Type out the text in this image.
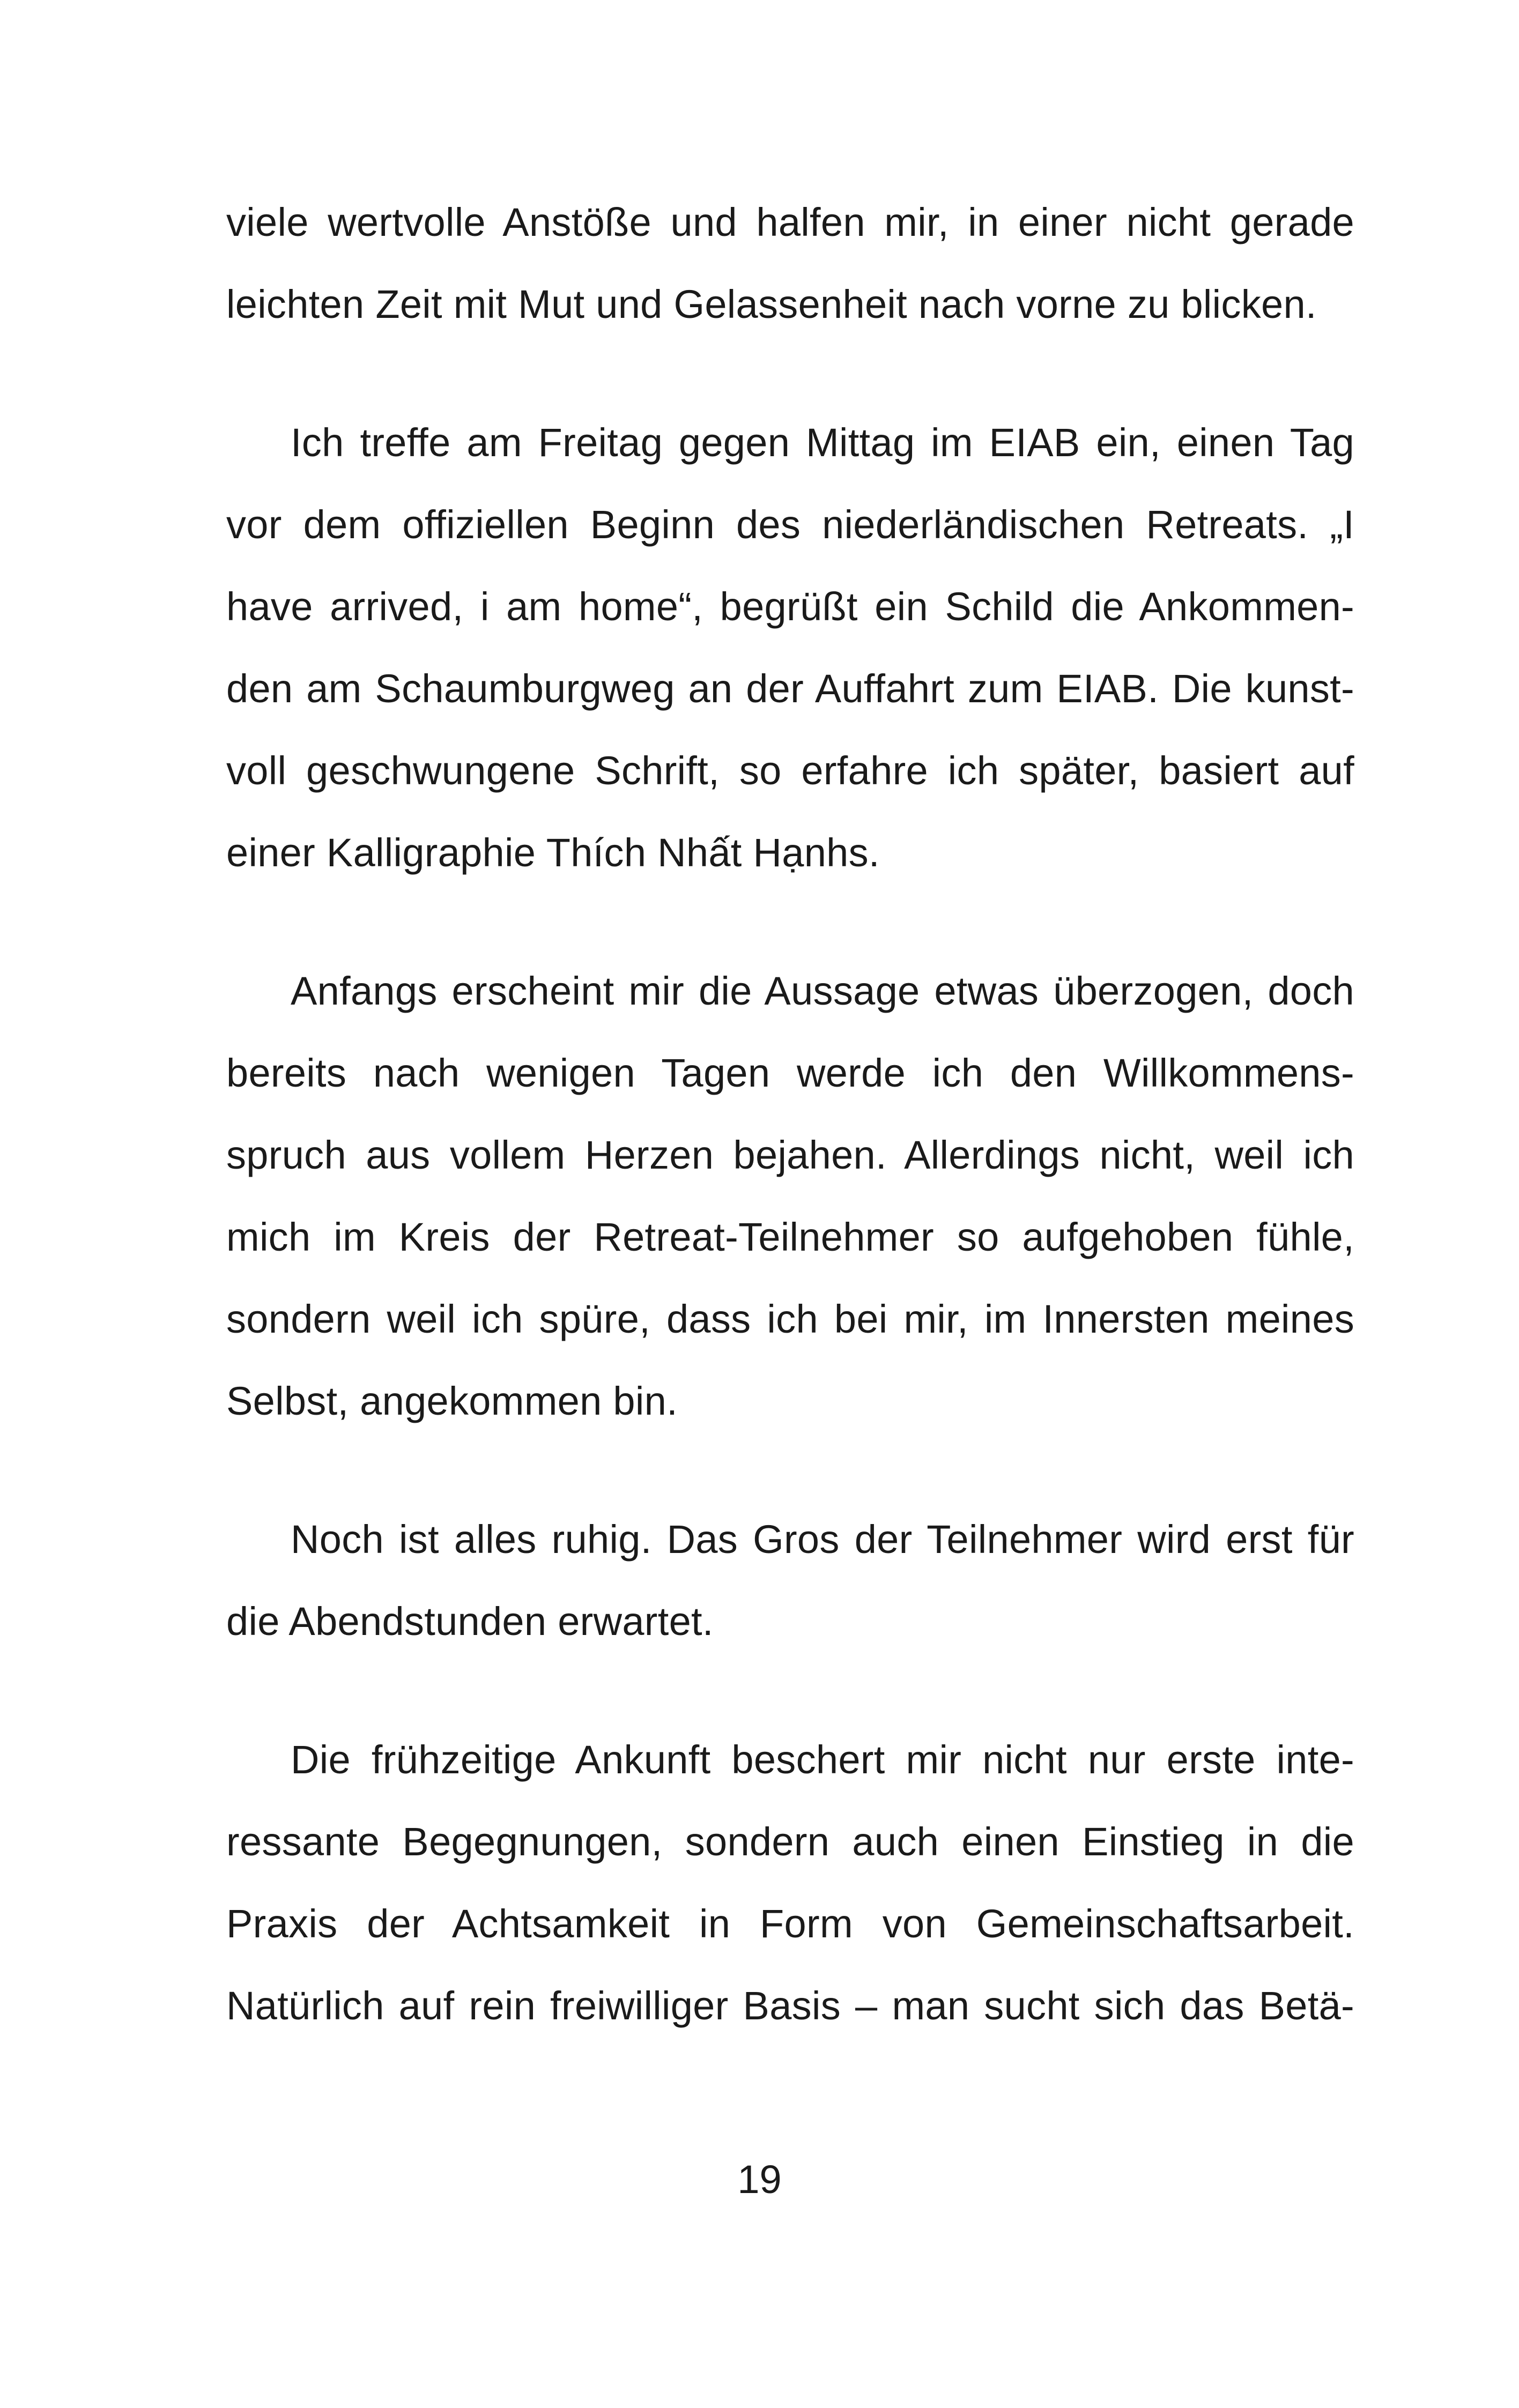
viele wertvolle Anstöße und halfen mir, in einer nicht gerade
leichten Zeit mit Mut und Gelassenheit nach vorne zu blicken.

Ich treffe am Freitag gegen Mittag im EIAB ein, einen Tag
vor dem offiziellen Beginn des niederländischen Retreats. „I
have arrived, i am home“, begrüßt ein Schild die Ankommen-
den am Schaumburgweg an der Auffahrt zum EIAB. Die kunst-
voll geschwungene Schrift, so erfahre ich später, basiert auf
einer Kalligraphie Thích Nhất Hạnhs.

Anfangs erscheint mir die Aussage etwas überzogen, doch
bereits nach wenigen Tagen werde ich den Willkommens-
spruch aus vollem Herzen bejahen. Allerdings nicht, weil ich
mich im Kreis der Retreat-Teilnehmer so aufgehoben fühle,
sondern weil ich spüre, dass ich bei mir, im Innersten meines
Selbst, angekommen bin.

Noch ist alles ruhig. Das Gros der Teilnehmer wird erst für
die Abendstunden erwartet.

Die frühzeitige Ankunft beschert mir nicht nur erste inte-
ressante Begegnungen, sondern auch einen Einstieg in die
Praxis der Achtsamkeit in Form von Gemeinschaftsarbeit.
Natürlich auf rein freiwilliger Basis – man sucht sich das Betä-

19
